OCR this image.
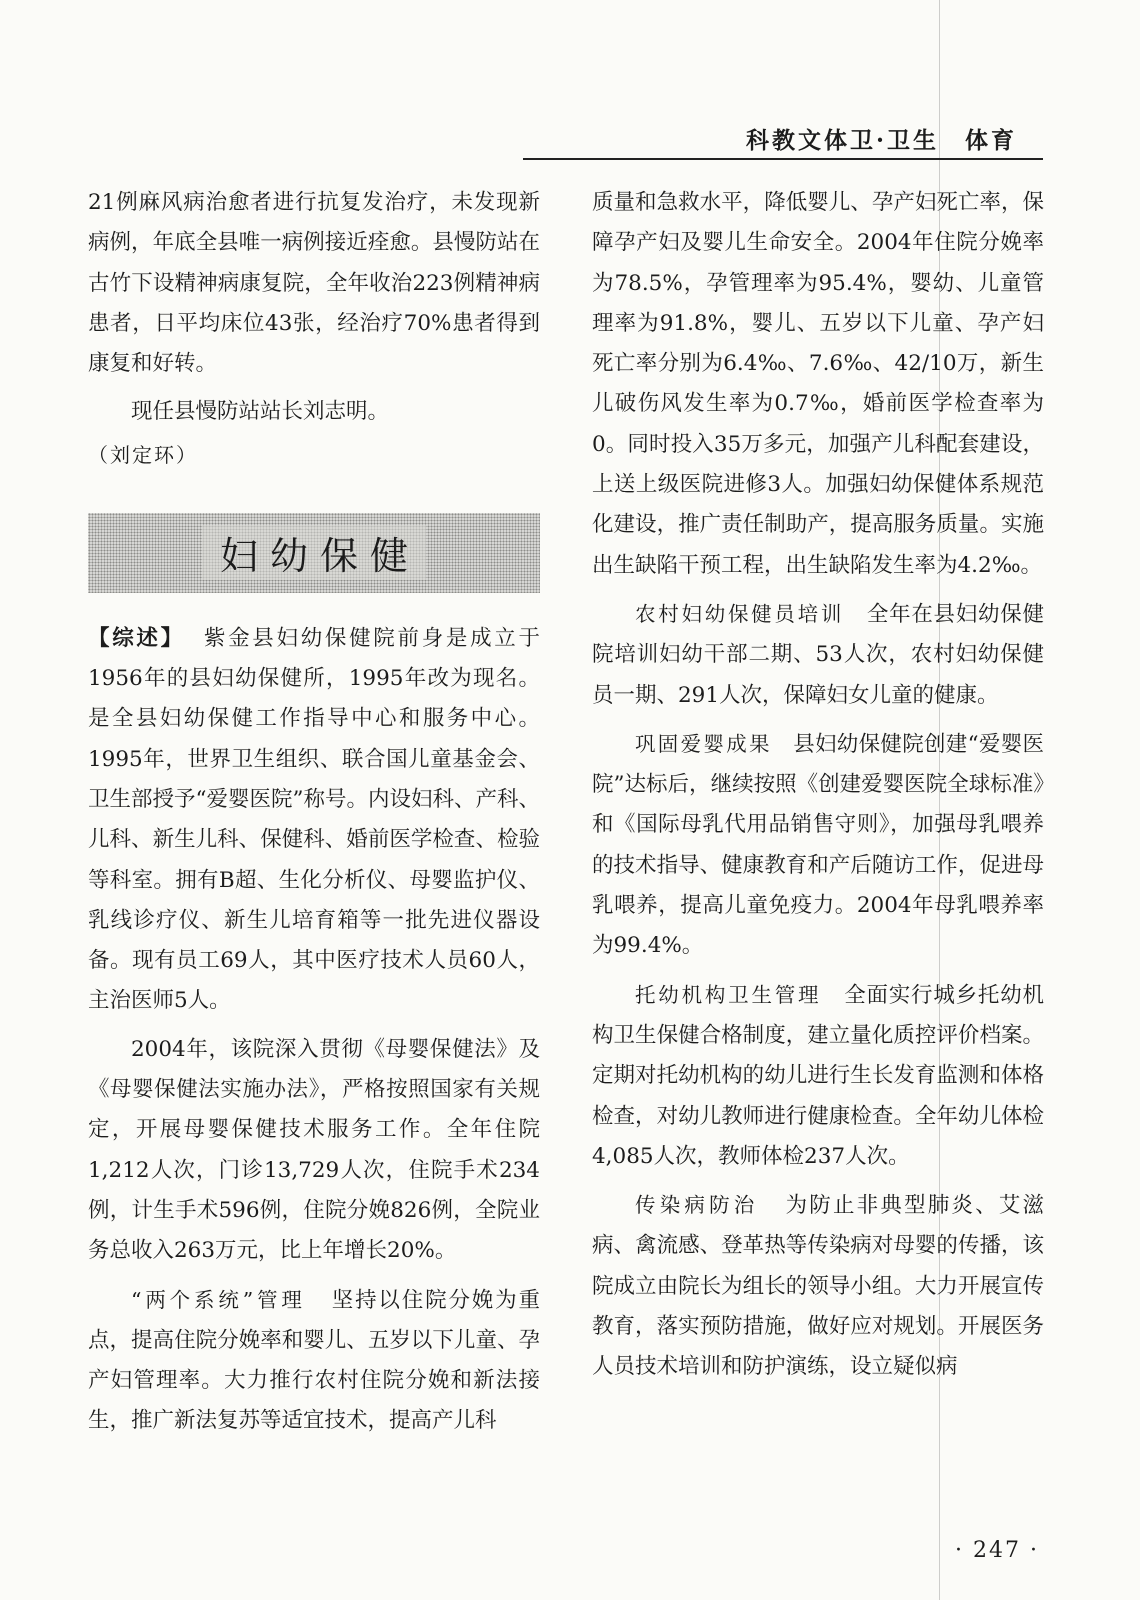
科教文体卫·卫生　体育

21例麻风病治愈者进行抗复发治疗，未发现新病例，年底全县唯一病例接近痊愈。县慢防站在古竹下设精神病康复院，全年收治223例精神病患者，日平均床位43张，经治疗70%患者得到康复和好转。

现任县慢防站站长刘志明。

（刘定环）

妇幼保健

【综述】 紫金县妇幼保健院前身是成立于1956年的县妇幼保健所，1995年改为现名。是全县妇幼保健工作指导中心和服务中心。1995年，世界卫生组织、联合国儿童基金会、卫生部授予“爱婴医院”称号。内设妇科、产科、儿科、新生儿科、保健科、婚前医学检查、检验等科室。拥有B超、生化分析仪、母婴监护仪、乳线诊疗仪、新生儿培育箱等一批先进仪器设备。现有员工69人，其中医疗技术人员60人，主治医师5人。

2004年，该院深入贯彻《母婴保健法》及《母婴保健法实施办法》，严格按照国家有关规定，开展母婴保健技术服务工作。全年住院1,212人次，门诊13,729人次，住院手术234例，计生手术596例，住院分娩826例，全院业务总收入263万元，比上年增长20%。

“两个系统”管理 坚持以住院分娩为重点，提高住院分娩率和婴儿、五岁以下儿童、孕产妇管理率。大力推行农村住院分娩和新法接生，推广新法复苏等适宜技术，提高产儿科

质量和急救水平，降低婴儿、孕产妇死亡率，保障孕产妇及婴儿生命安全。2004年住院分娩率为78.5%，孕管理率为95.4%，婴幼、儿童管理率为91.8%，婴儿、五岁以下儿童、孕产妇死亡率分别为6.4‰、7.6‰、42/10万，新生儿破伤风发生率为0.7‰，婚前医学检查率为0。同时投入35万多元，加强产儿科配套建设，上送上级医院进修3人。加强妇幼保健体系规范化建设，推广责任制助产，提高服务质量。实施出生缺陷干预工程，出生缺陷发生率为4.2‰。

农村妇幼保健员培训 全年在县妇幼保健院培训妇幼干部二期、53人次，农村妇幼保健员一期、291人次，保障妇女儿童的健康。

巩固爱婴成果 县妇幼保健院创建“爱婴医院”达标后，继续按照《创建爱婴医院全球标准》和《国际母乳代用品销售守则》，加强母乳喂养的技术指导、健康教育和产后随访工作，促进母乳喂养，提高儿童免疫力。2004年母乳喂养率为99.4%。

托幼机构卫生管理 全面实行城乡托幼机构卫生保健合格制度，建立量化质控评价档案。定期对托幼机构的幼儿进行生长发育监测和体格检查，对幼儿教师进行健康检查。全年幼儿体检4,085人次，教师体检237人次。

传染病防治 为防止非典型肺炎、艾滋病、禽流感、登革热等传染病对母婴的传播，该院成立由院长为组长的领导小组。大力开展宣传教育，落实预防措施，做好应对规划。开展医务人员技术培训和防护演练，设立疑似病

· 247 ·
